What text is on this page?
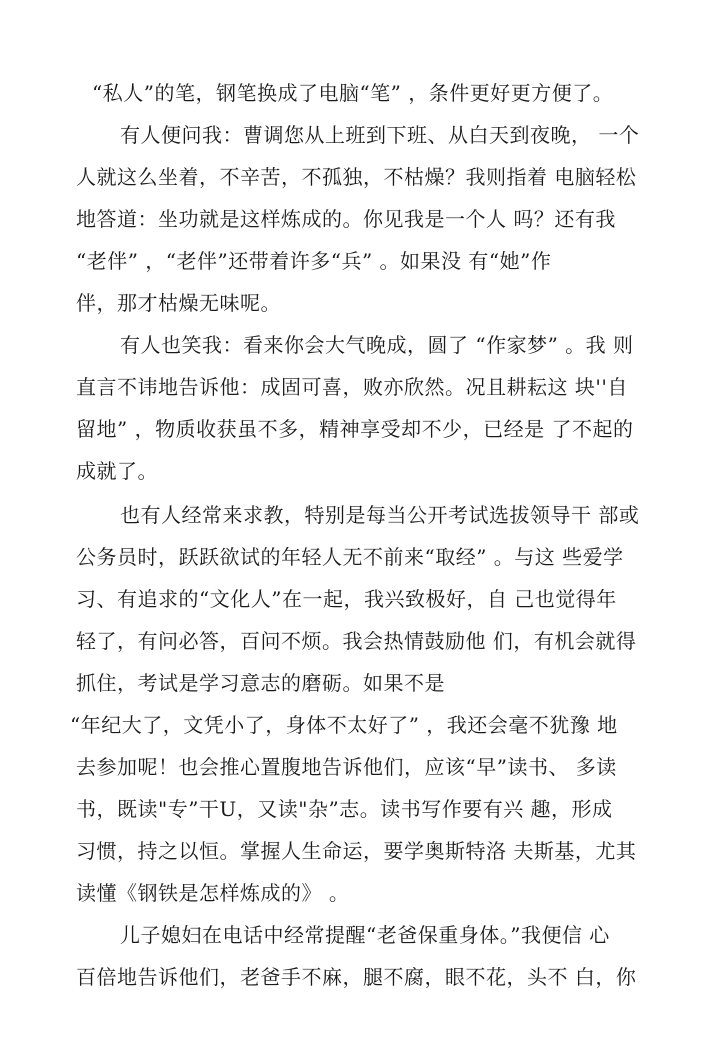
“私人”的笔，钢笔换成了电脑“笔” ，条件更好更方便了。
有人便问我：曹调您从上班到下班、从白天到夜晚， 一个
人就这么坐着，不辛苦，不孤独，不枯燥？我则指着 电脑轻松
地答道：坐功就是这样炼成的。你见我是一个人 吗？还有我
“老伴” ，“老伴”还带着许多“兵” 。如果没 有“她”作
伴，那才枯燥无味呢。
有人也笑我：看来你会大气晚成，圆了 “作家梦” 。我 则
直言不讳地告诉他：成固可喜，败亦欣然。况且耕耘这 块''自
留地” ，物质收获虽不多，精神享受却不少，已经是 了不起的
成就了。
也有人经常来求教，特别是每当公开考试选拔领导干 部或
公务员时，跃跃欲试的年轻人无不前来“取经” 。与这 些爱学
习、有追求的“文化人”在一起，我兴致极好，自 己也觉得年
轻了，有问必答，百问不烦。我会热情鼓励他 们，有机会就得
抓住，考试是学习意志的磨砺。如果不是
“年纪大了，文凭小了，身体不太好了” ，我还会毫不犹豫 地
去参加呢！也会推心置腹地告诉他们，应该“早”读书、 多读
书，既读"专”干U，又读"杂”志。读书写作要有兴 趣，形成
习惯，持之以恒。掌握人生命运，要学奥斯特洛 夫斯基，尤其
读懂《钢铁是怎样炼成的》 。
儿子媳妇在电话中经常提醒“老爸保重身体。”我便信 心
百倍地告诉他们，老爸手不麻，腿不腐，眼不花，头不 白，你
